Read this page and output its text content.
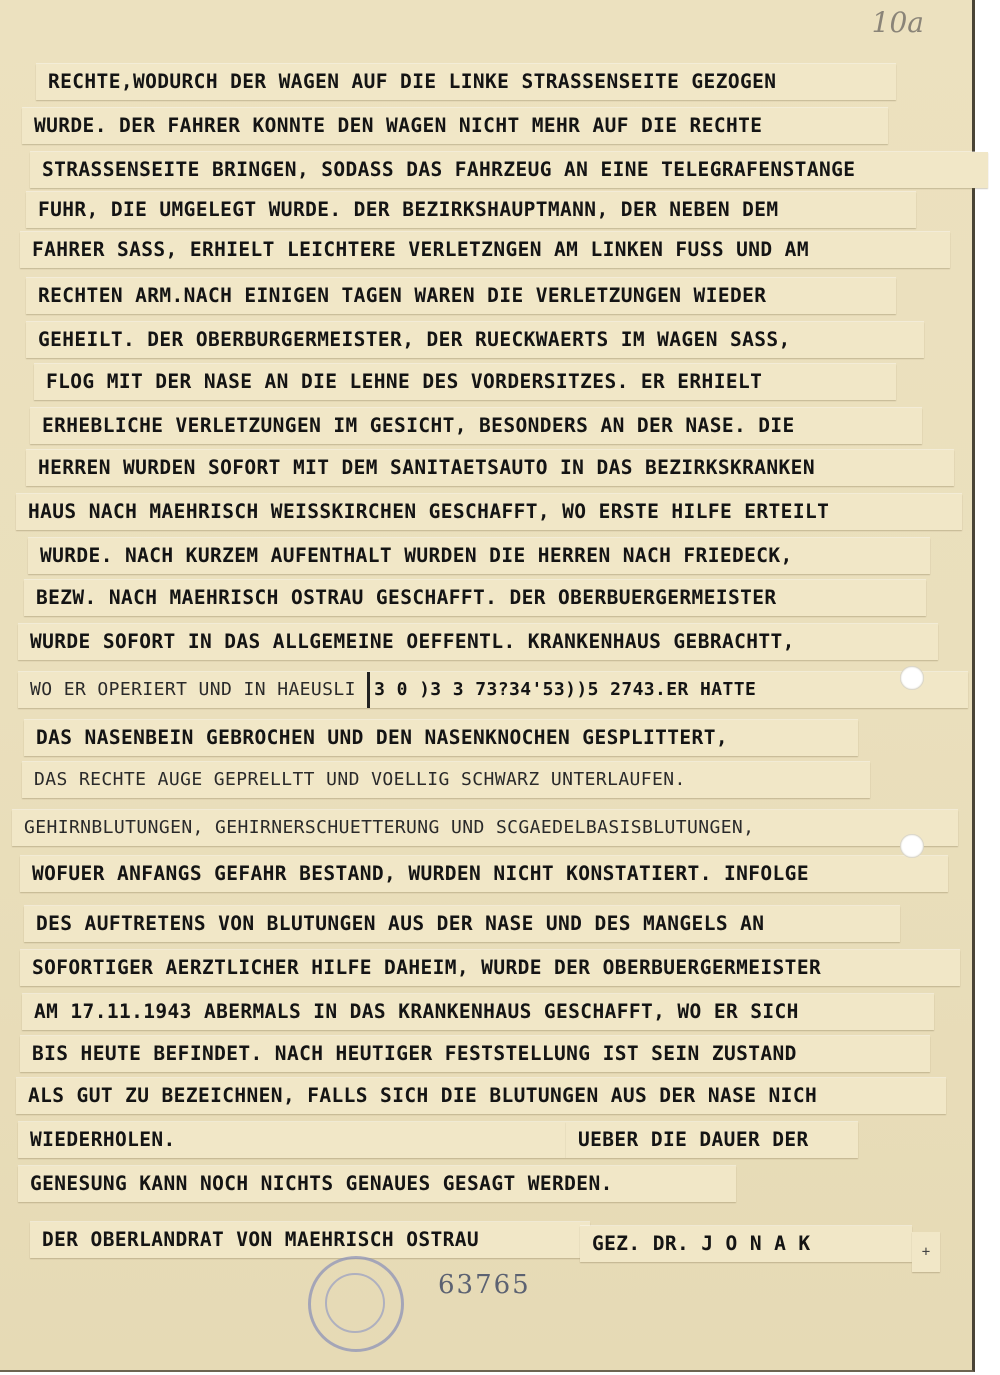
10a
RECHTE,WODURCH DER WAGEN AUF DIE LINKE STRASSENSEITE GEZOGEN
WURDE. DER FAHRER KONNTE DEN WAGEN NICHT MEHR AUF DIE RECHTE
STRASSENSEITE BRINGEN, SODASS DAS FAHRZEUG AN EINE TELEGRAFENSTANGE
FUHR, DIE UMGELEGT WURDE. DER BEZIRKSHAUPTMANN, DER NEBEN DEM
FAHRER SASS, ERHIELT LEICHTERE VERLETZNGEN AM LINKEN FUSS UND AM
RECHTEN ARM.NACH EINIGEN TAGEN WAREN DIE VERLETZUNGEN WIEDER
GEHEILT. DER OBERBURGERMEISTER, DER RUECKWAERTS IM WAGEN SASS,
FLOG MIT DER NASE AN DIE LEHNE DES VORDERSITZES. ER ERHIELT
ERHEBLICHE VERLETZUNGEN IM GESICHT, BESONDERS AN DER NASE. DIE
HERREN WURDEN SOFORT MIT DEM SANITAETSAUTO IN DAS BEZIRKSKRANKEN
HAUS NACH MAEHRISCH WEISSKIRCHEN GESCHAFFT, WO ERSTE HILFE ERTEILT
WURDE. NACH KURZEM AUFENTHALT WURDEN DIE HERREN NACH FRIEDECK,
BEZW. NACH MAEHRISCH OSTRAU GESCHAFFT. DER OBERBUERGERMEISTER
WURDE SOFORT IN DAS ALLGEMEINE OEFFENTL. KRANKENHAUS GEBRACHTT,
WO ER OPERIERT UND IN HAEUSLI 3 0 )3 3 73?34'53))5 2743.ER HATTE
DAS NASENBEIN GEBROCHEN UND DEN NASENKNOCHEN GESPLITTERT,
DAS RECHTE AUGE GEPRELLTT UND VOELLIG SCHWARZ UNTERLAUFEN.
GEHIRNBLUTUNGEN, GEHIRNERSCHUETTERUNG UND SCGAEDELBASISBLUTUNGEN,
WOFUER ANFANGS GEFAHR BESTAND, WURDEN NICHT KONSTATIERT. INFOLGE
DES AUFTRETENS VON BLUTUNGEN AUS DER NASE UND DES MANGELS AN
SOFORTIGER AERZTLICHER HILFE DAHEIM, WURDE DER OBERBUERGERMEISTER
AM 17.11.1943 ABERMALS IN DAS KRANKENHAUS GESCHAFFT, WO ER SICH
BIS HEUTE BEFINDET. NACH HEUTIGER FESTSTELLUNG IST SEIN ZUSTAND
ALS GUT ZU BEZEICHNEN, FALLS SICH DIE BLUTUNGEN AUS DER NASE NICH
WIEDERHOLEN.	UEBER DIE DAUER DER
GENESUNG KANN NOCH NICHTS GENAUES GESAGT WERDEN.
DER OBERLANDRAT VON MAEHRISCH OSTRAU	GEZ. DR. J O N A K	+
63765
